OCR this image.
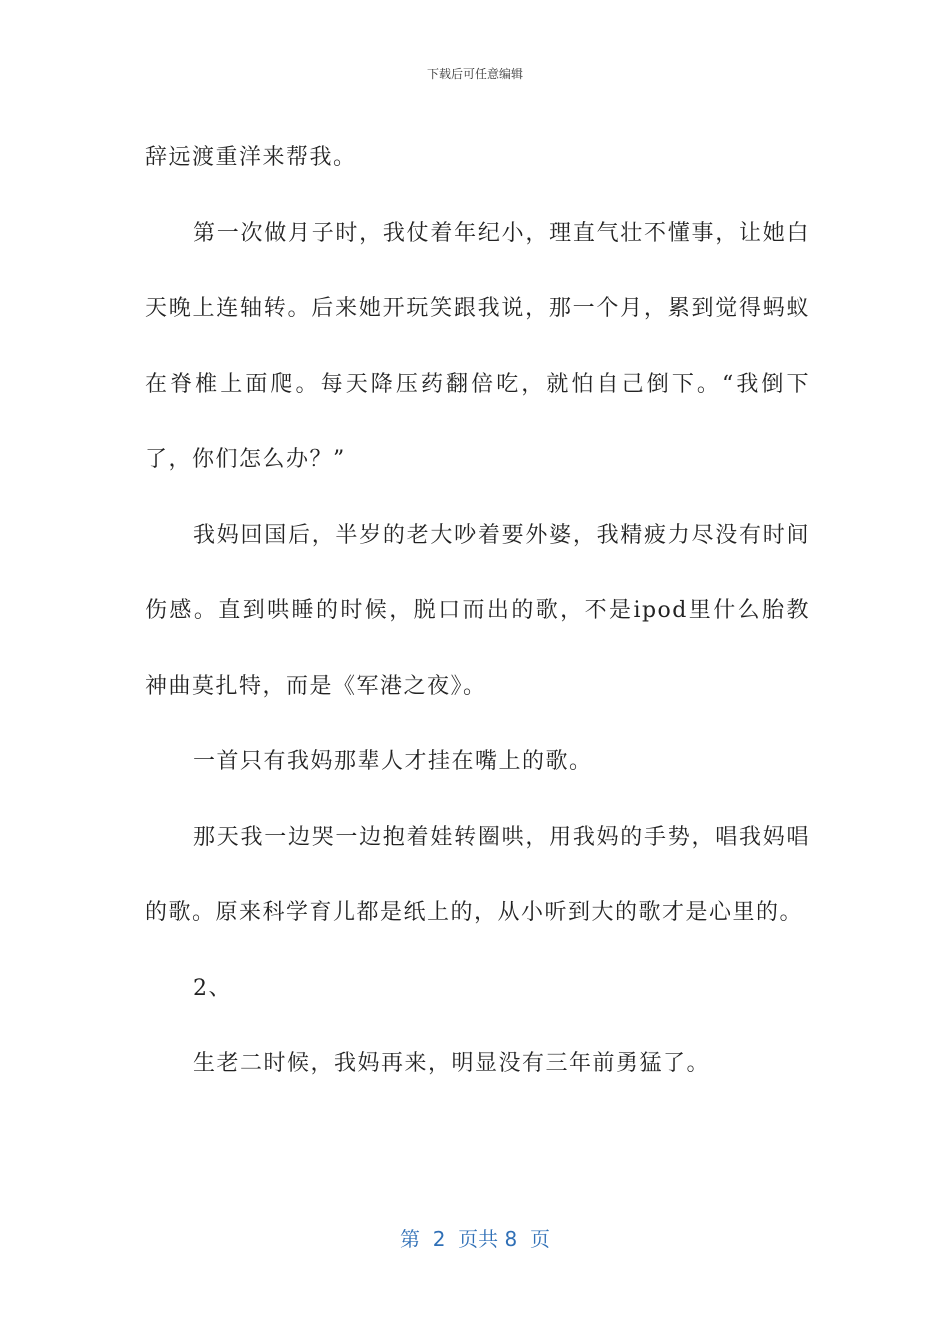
下载后可任意编辑

辞远渡重洋来帮我。

第一次做月子时，我仗着年纪小，理直气壮不懂事，让她白天晚上连轴转。后来她开玩笑跟我说，那一个月，累到觉得蚂蚁在脊椎上面爬。每天降压药翻倍吃，就怕自己倒下。“我倒下了，你们怎么办？”

我妈回国后，半岁的老大吵着要外婆，我精疲力尽没有时间伤感。直到哄睡的时候，脱口而出的歌，不是ipod里什么胎教神曲莫扎特，而是《军港之夜》。

一首只有我妈那辈人才挂在嘴上的歌。

那天我一边哭一边抱着娃转圈哄，用我妈的手势，唱我妈唱的歌。原来科学育儿都是纸上的，从小听到大的歌才是心里的。

2、

生老二时候，我妈再来，明显没有三年前勇猛了。

第  2  页共 8  页
